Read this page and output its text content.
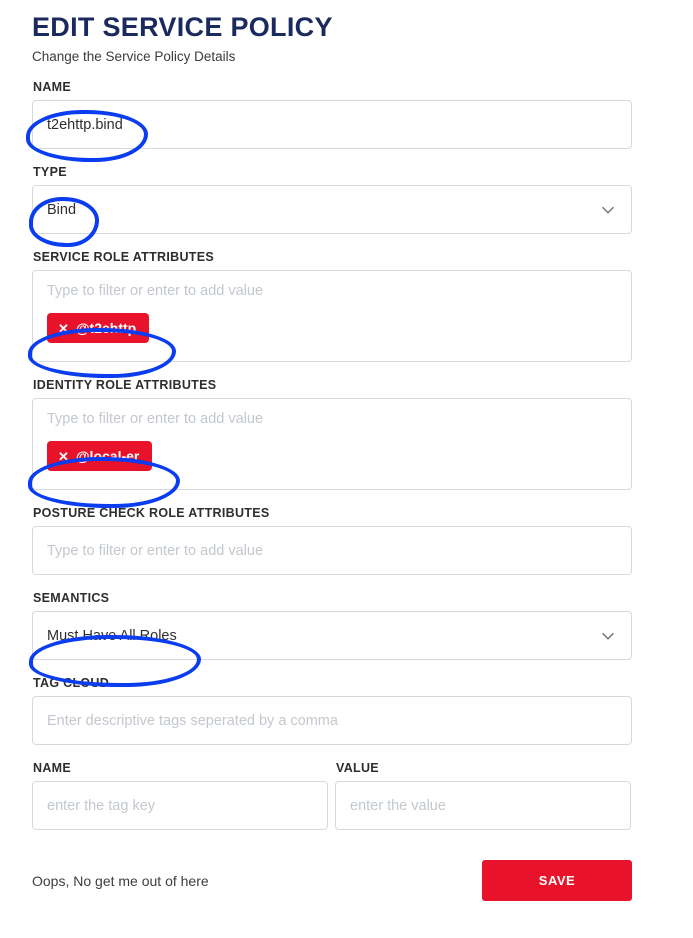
EDIT SERVICE POLICY

Change the Service Policy Details

NAME
t2ehttp.bind
TYPE
Bind
SERVICE ROLE ATTRIBUTES
Type to filter or enter to add value
✕ @t2ehttp
IDENTITY ROLE ATTRIBUTES
Type to filter or enter to add value
✕ @local-er
POSTURE CHECK ROLE ATTRIBUTES
Type to filter or enter to add value
SEMANTICS
Must Have All Roles
TAG CLOUD
Enter descriptive tags seperated by a comma
NAME
enter the tag key
VALUE
enter the value
Oops, No get me out of here	SAVE
